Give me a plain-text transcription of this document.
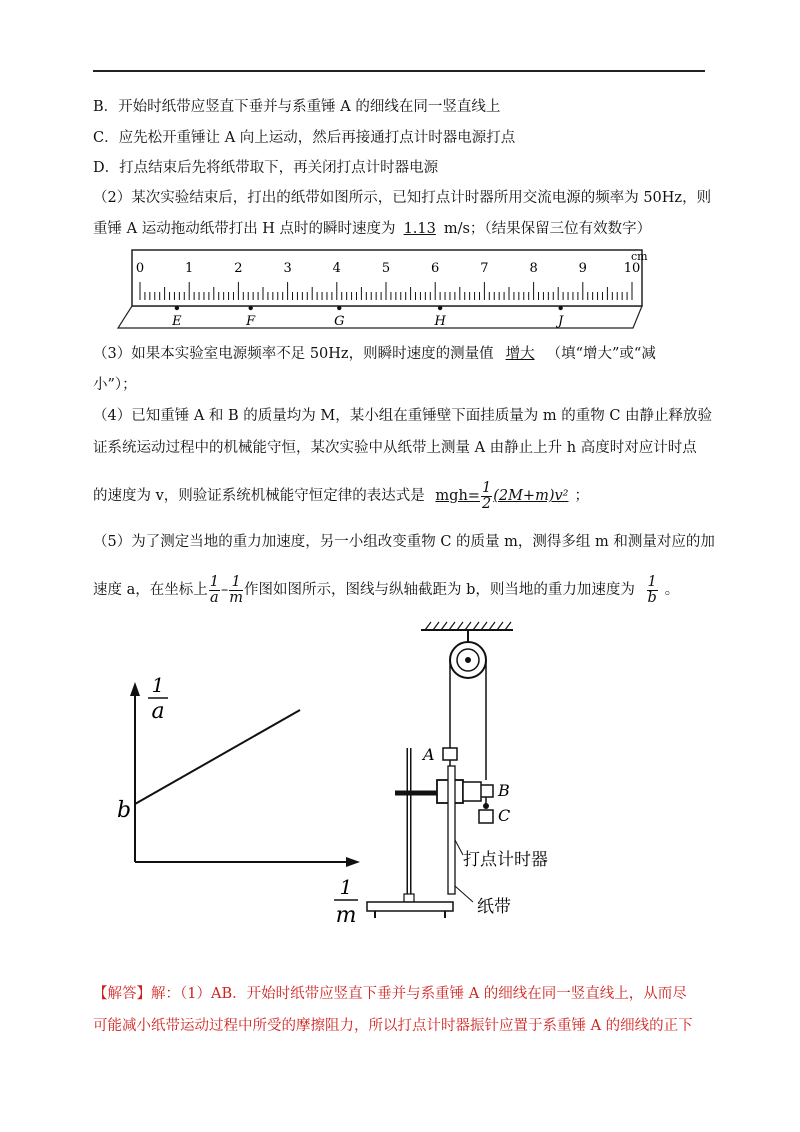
B．开始时纸带应竖直下垂并与系重锤 A 的细线在同一竖直线上
C．应先松开重锤让 A 向上运动，然后再接通打点计时器电源打点
D．打点结束后先将纸带取下，再关闭打点计时器电源
（2）某次实验结束后，打出的纸带如图所示，已知打点计时器所用交流电源的频率为 50Hz，则
重锤 A 运动拖动纸带打出 H 点时的瞬时速度为 1.13 m/s；（结果保留三位有效数字）
0	1	2	3	4	5	6	7	8	9	10
cm
E	F	G	H	J
（3）如果本实验室电源频率不足 50Hz，则瞬时速度的测量值 增大 （填“增大”或“减
小”）；
（4）已知重锤 A 和 B 的质量均为 M，某小组在重锤壁下面挂质量为 m 的重物 C 由静止释放验
证系统运动过程中的机械能守恒，某次实验中从纸带上测量 A 由静止上升 h 高度时对应计时点
的速度为 v，则验证系统机械能守恒定律的表达式是 $mgh= \frac{1}{2} (2M+m)v^2$ ；
（5）为了测定当地的重力加速度，另一小组改变重物 C 的质量 m，测得多组 m 和测量对应的加
速度 a，在坐标上 $\frac{1}{a} - \frac{1}{m}$ 作图如图所示，图线与纵轴截距为 b，则当地的重力加速度为 $\frac{1}{b}$ 。
1
a
b
1
m
A
B
C
打点计时器
纸带
【解答】解：（1）AB．开始时纸带应竖直下垂并与系重锤 A 的细线在同一竖直线上，从而尽
可能减小纸带运动过程中所受的摩擦阻力，所以打点计时器振针应置于系重锤 A 的细线的正下
